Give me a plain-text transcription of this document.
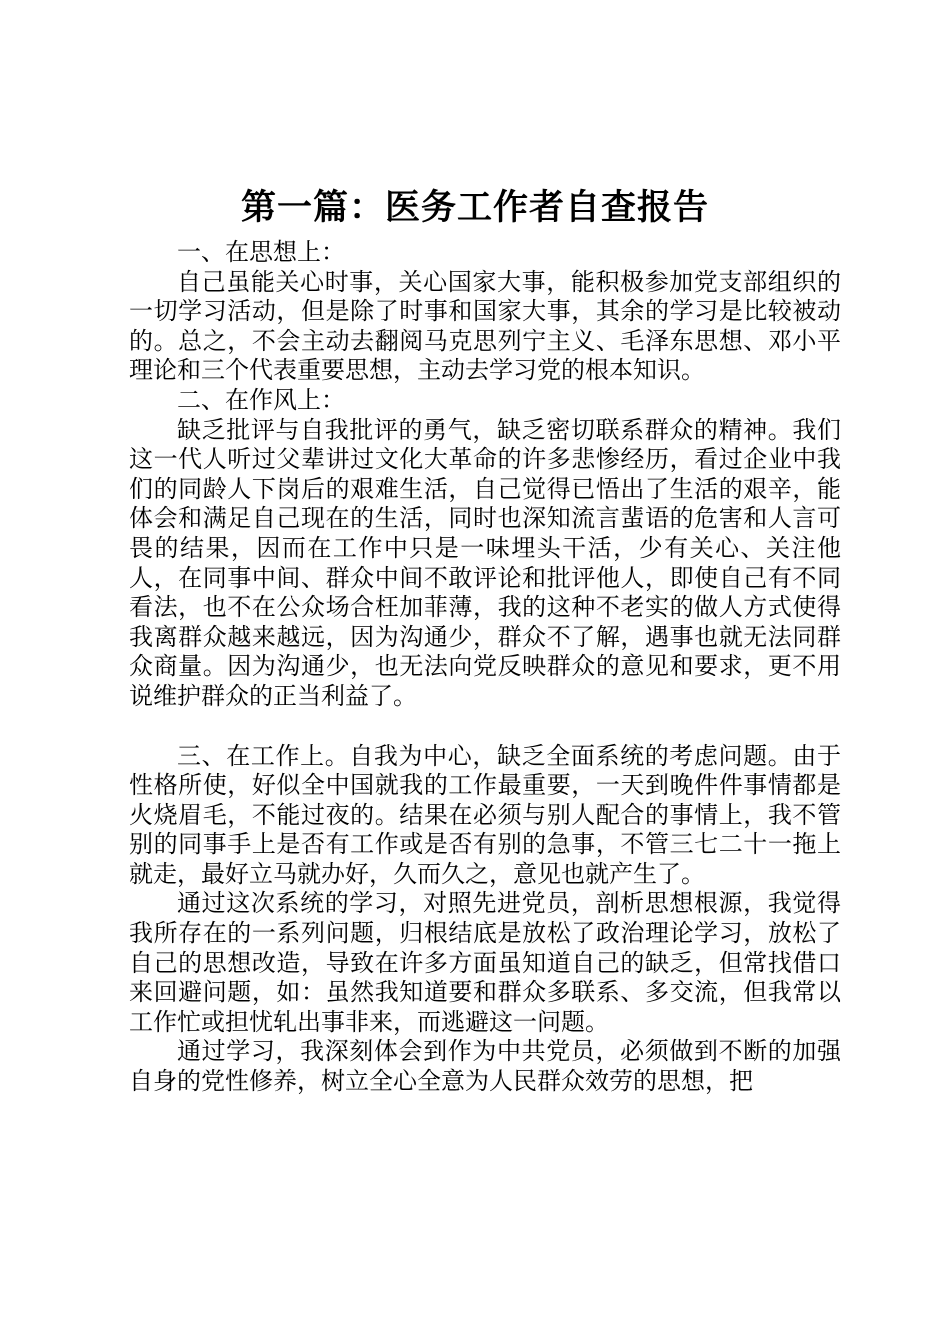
第一篇：医务工作者自查报告

一、在思想上：

自己虽能关心时事，关心国家大事，能积极参加党支部组织的一切学习活动，但是除了时事和国家大事，其余的学习是比较被动的。总之，不会主动去翻阅马克思列宁主义、毛泽东思想、邓小平理论和三个代表重要思想，主动去学习党的根本知识。

二、在作风上：

缺乏批评与自我批评的勇气，缺乏密切联系群众的精神。我们这一代人听过父辈讲过文化大革命的许多悲惨经历，看过企业中我们的同龄人下岗后的艰难生活，自己觉得已悟出了生活的艰辛，能体会和满足自己现在的生活，同时也深知流言蜚语的危害和人言可畏的结果，因而在工作中只是一味埋头干活，少有关心、关注他人，在同事中间、群众中间不敢评论和批评他人，即使自己有不同看法，也不在公众场合枉加菲薄，我的这种不老实的做人方式使得我离群众越来越远，因为沟通少，群众不了解，遇事也就无法同群众商量。因为沟通少，也无法向党反映群众的意见和要求，更不用说维护群众的正当利益了。

三、在工作上。自我为中心，缺乏全面系统的考虑问题。由于性格所使，好似全中国就我的工作最重要，一天到晚件件事情都是火烧眉毛，不能过夜的。结果在必须与别人配合的事情上，我不管别的同事手上是否有工作或是否有别的急事，不管三七二十一拖上就走，最好立马就办好，久而久之，意见也就产生了。

通过这次系统的学习，对照先进党员，剖析思想根源，我觉得我所存在的一系列问题，归根结底是放松了政治理论学习，放松了自己的思想改造，导致在许多方面虽知道自己的缺乏，但常找借口来回避问题，如：虽然我知道要和群众多联系、多交流，但我常以工作忙或担忧轧出事非来，而逃避这一问题。

通过学习，我深刻体会到作为中共党员，必须做到不断的加强自身的党性修养，树立全心全意为人民群众效劳的思想，把
